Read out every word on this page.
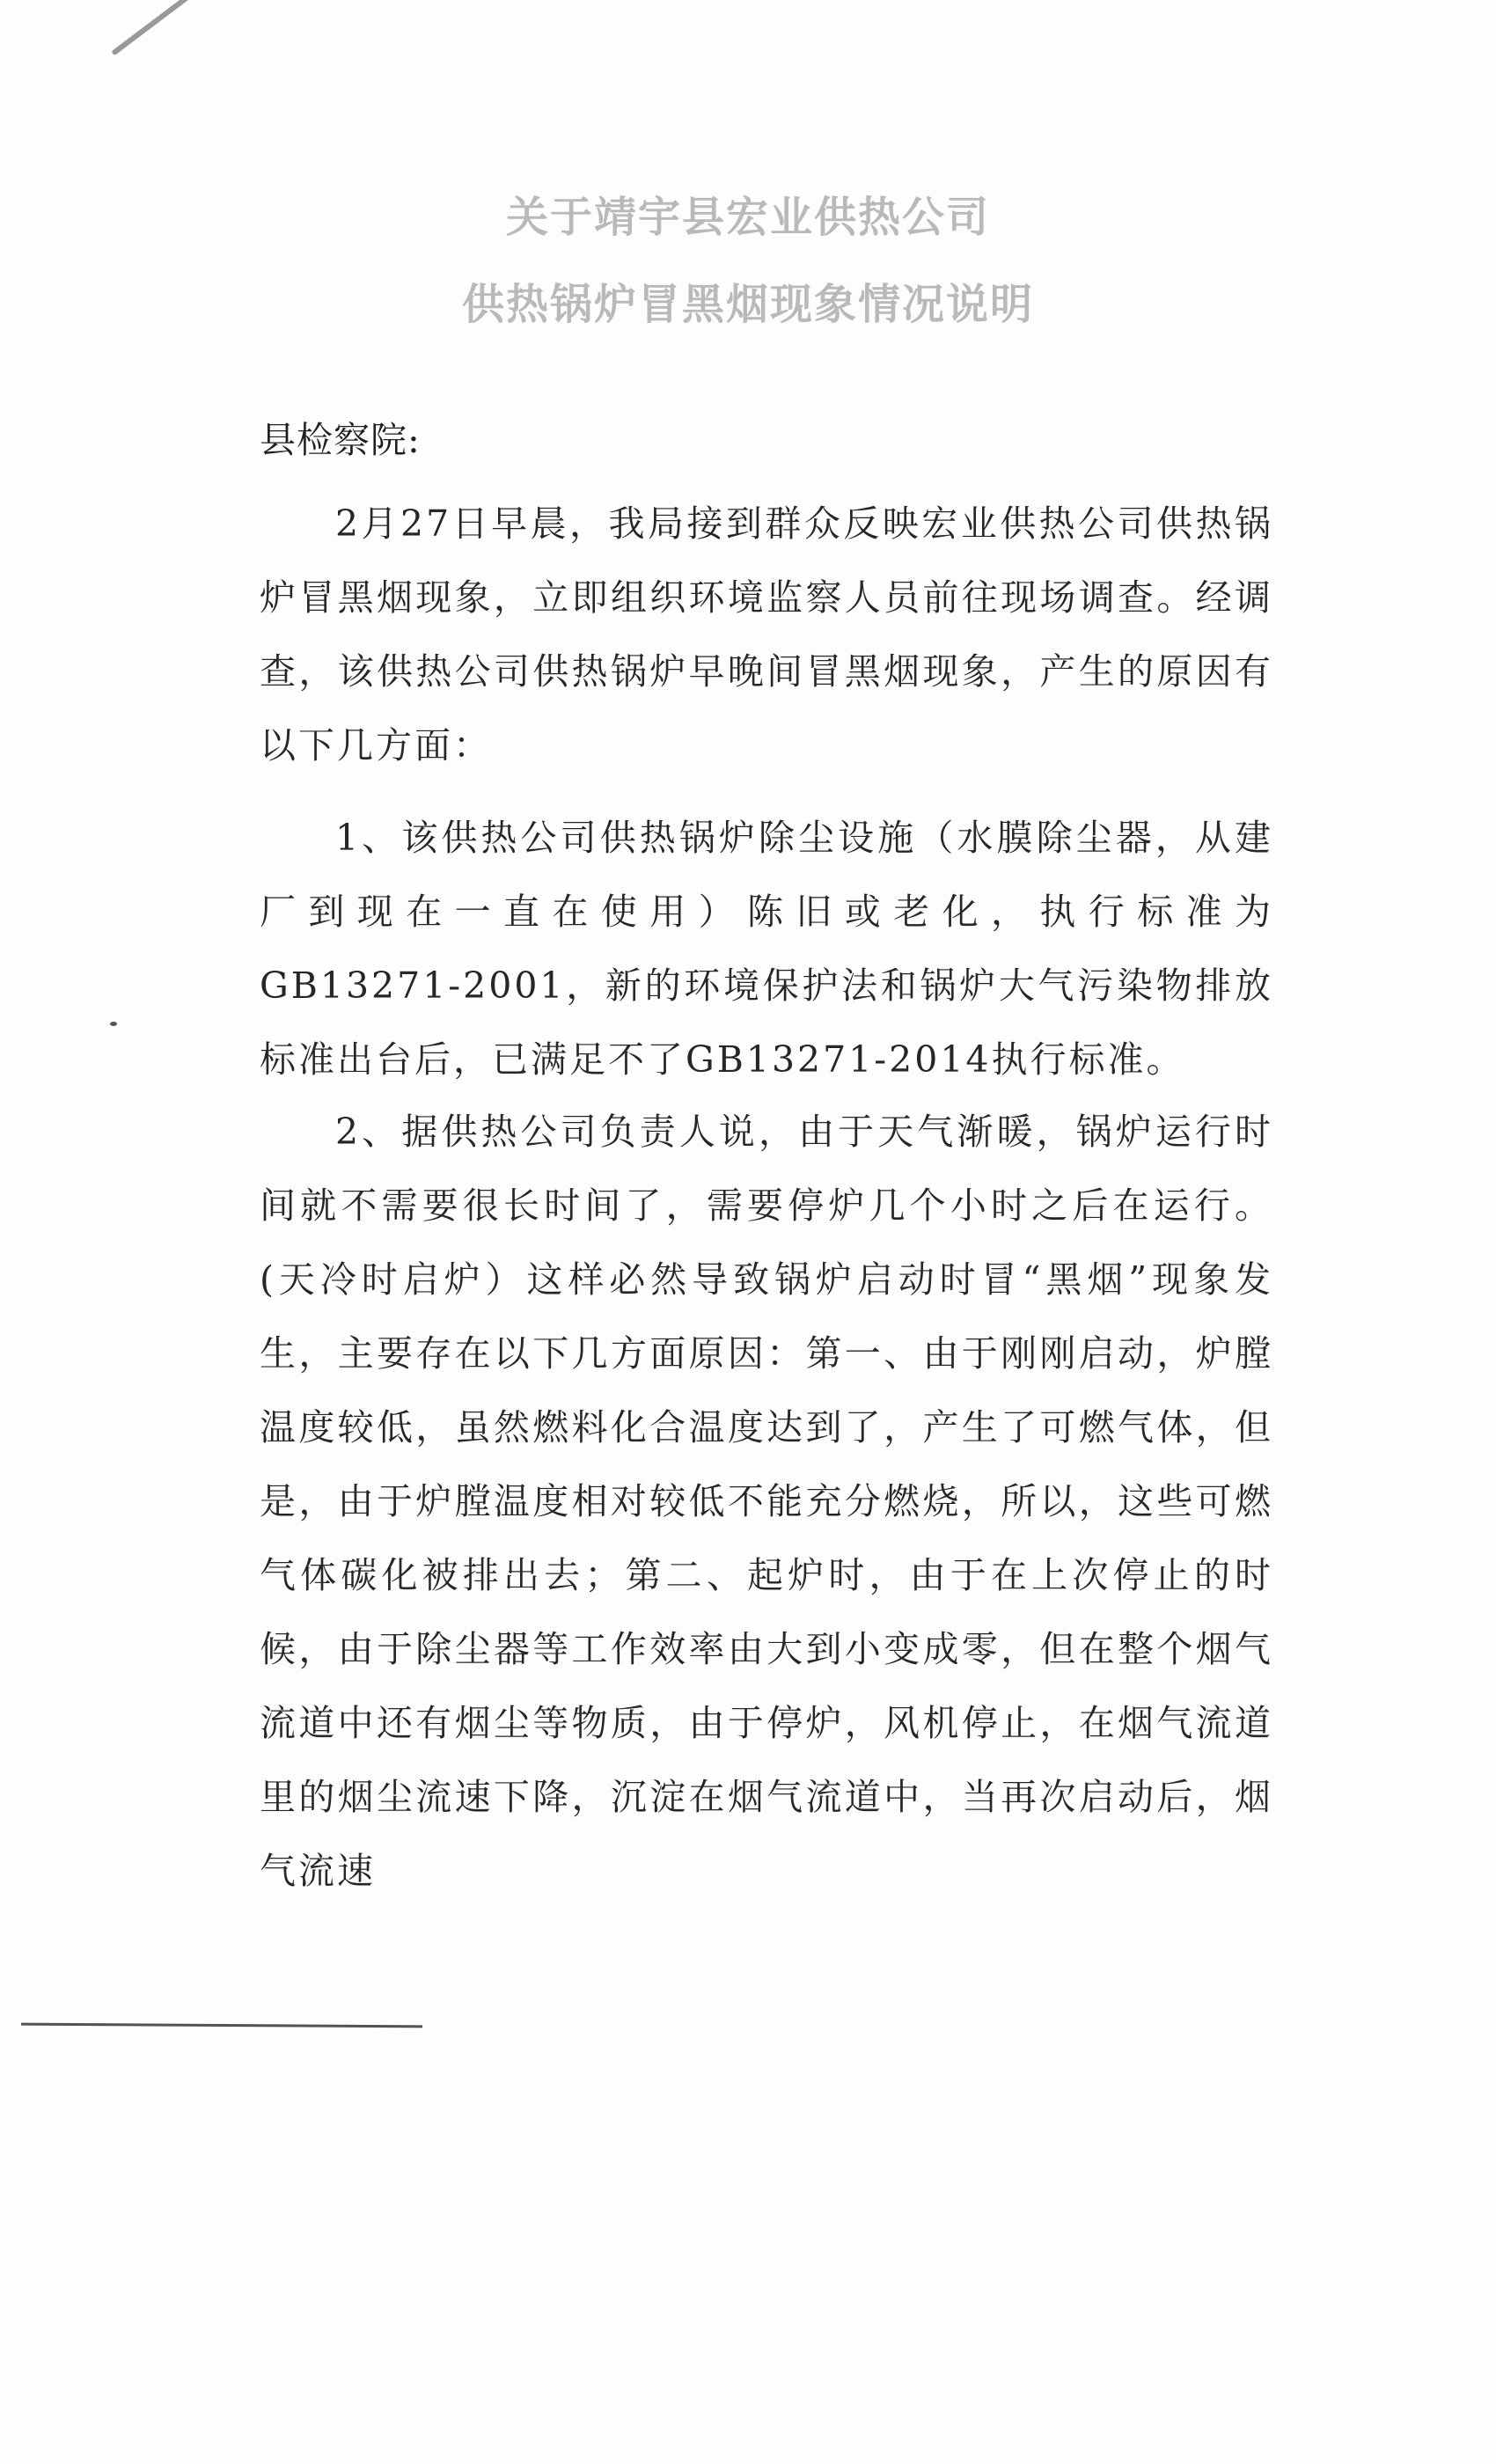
关于靖宇县宏业供热公司
供热锅炉冒黑烟现象情况说明
县检察院:
2月27日早晨，我局接到群众反映宏业供热公司供热锅炉冒黑烟现象，立即组织环境监察人员前往现场调查。经调查，该供热公司供热锅炉早晚间冒黑烟现象，产生的原因有以下几方面：
1、该供热公司供热锅炉除尘设施（水膜除尘器，从建厂到现在一直在使用）陈旧或老化，执行标准为GB13271-2001，新的环境保护法和锅炉大气污染物排放标准出台后，已满足不了GB13271-2014执行标准。
2、据供热公司负责人说，由于天气渐暖，锅炉运行时间就不需要很长时间了，需要停炉几个小时之后在运行。(天冷时启炉）这样必然导致锅炉启动时冒“黑烟”现象发生，主要存在以下几方面原因：第一、由于刚刚启动，炉膛温度较低，虽然燃料化合温度达到了，产生了可燃气体，但是，由于炉膛温度相对较低不能充分燃烧，所以，这些可燃气体碳化被排出去；第二、起炉时，由于在上次停止的时候，由于除尘器等工作效率由大到小变成零，但在整个烟气流道中还有烟尘等物质，由于停炉，风机停止，在烟气流道里的烟尘流速下降，沉淀在烟气流道中，当再次启动后，烟气流速
